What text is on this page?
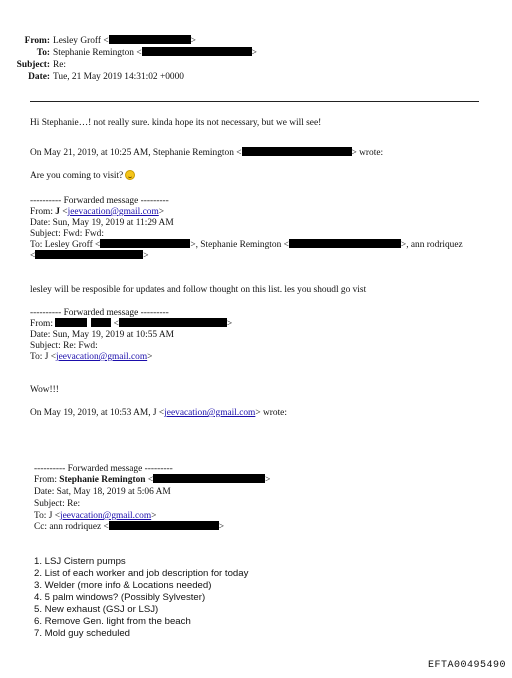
From: Lesley Groff <	>
To: Stephanie Remington <	>
Subject: Re:
Date: Tue, 21 May 2019 14:31:02 +0000
Hi Stephanie…! not really sure. kinda hope its not necessary, but we will see!
On May 21, 2019, at 10:25 AM, Stephanie Remington <	> wrote:
Are you coming to visit?
---------- Forwarded message ---------
From: J <jeevacation@gmail.com>
Date: Sun, May 19, 2019 at 11:29 AM
Subject: Fwd: Fwd:
To: Lesley Groff <	>, Stephanie Remington <	>, ann rodriquez
<	>
lesley will be resposible for updates and follow thought on this list. les you shoudl go vist
---------- Forwarded message ---------
From:	<	>
Date: Sun, May 19, 2019 at 10:55 AM
Subject: Re: Fwd:
To: J <jeevacation@gmail.com>
Wow!!!
On May 19, 2019, at 10:53 AM, J <jeevacation@gmail.com> wrote:
---------- Forwarded message ---------
From: Stephanie Remington <	>
Date: Sat, May 18, 2019 at 5:06 AM
Subject: Re:
To: J <jeevacation@gmail.com>
Cc: ann rodriquez <	>
1. LSJ Cistern pumps
2. List of each worker and job description for today
3. Welder (more info & Locations needed)
4. 5 palm windows? (Possibly Sylvester)
5. New exhaust (GSJ or LSJ)
6. Remove Gen. light from the beach
7. Mold guy scheduled
EFTA00495490
